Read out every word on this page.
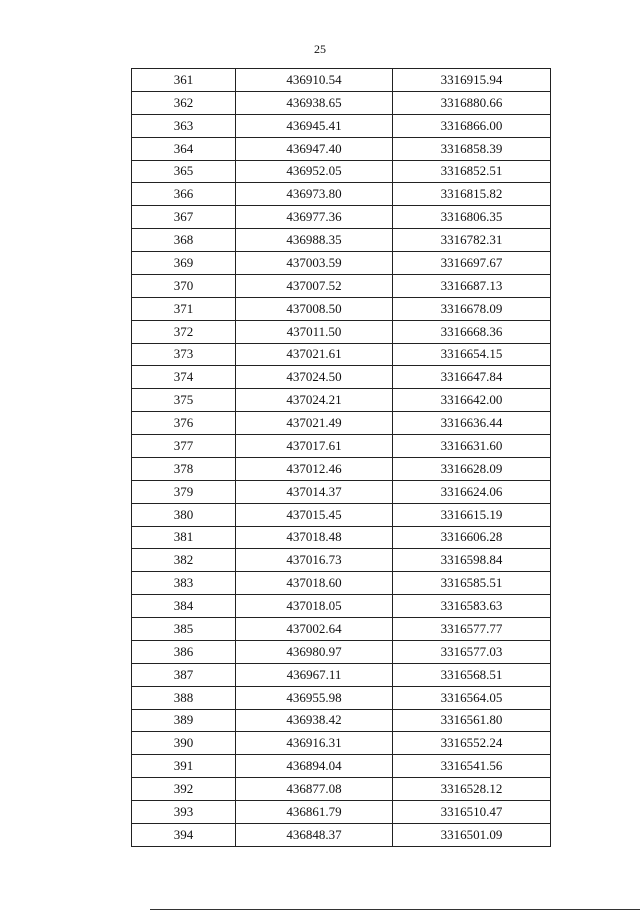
25
361	436910.54	3316915.94
362	436938.65	3316880.66
363	436945.41	3316866.00
364	436947.40	3316858.39
365	436952.05	3316852.51
366	436973.80	3316815.82
367	436977.36	3316806.35
368	436988.35	3316782.31
369	437003.59	3316697.67
370	437007.52	3316687.13
371	437008.50	3316678.09
372	437011.50	3316668.36
373	437021.61	3316654.15
374	437024.50	3316647.84
375	437024.21	3316642.00
376	437021.49	3316636.44
377	437017.61	3316631.60
378	437012.46	3316628.09
379	437014.37	3316624.06
380	437015.45	3316615.19
381	437018.48	3316606.28
382	437016.73	3316598.84
383	437018.60	3316585.51
384	437018.05	3316583.63
385	437002.64	3316577.77
386	436980.97	3316577.03
387	436967.11	3316568.51
388	436955.98	3316564.05
389	436938.42	3316561.80
390	436916.31	3316552.24
391	436894.04	3316541.56
392	436877.08	3316528.12
393	436861.79	3316510.47
394	436848.37	3316501.09
